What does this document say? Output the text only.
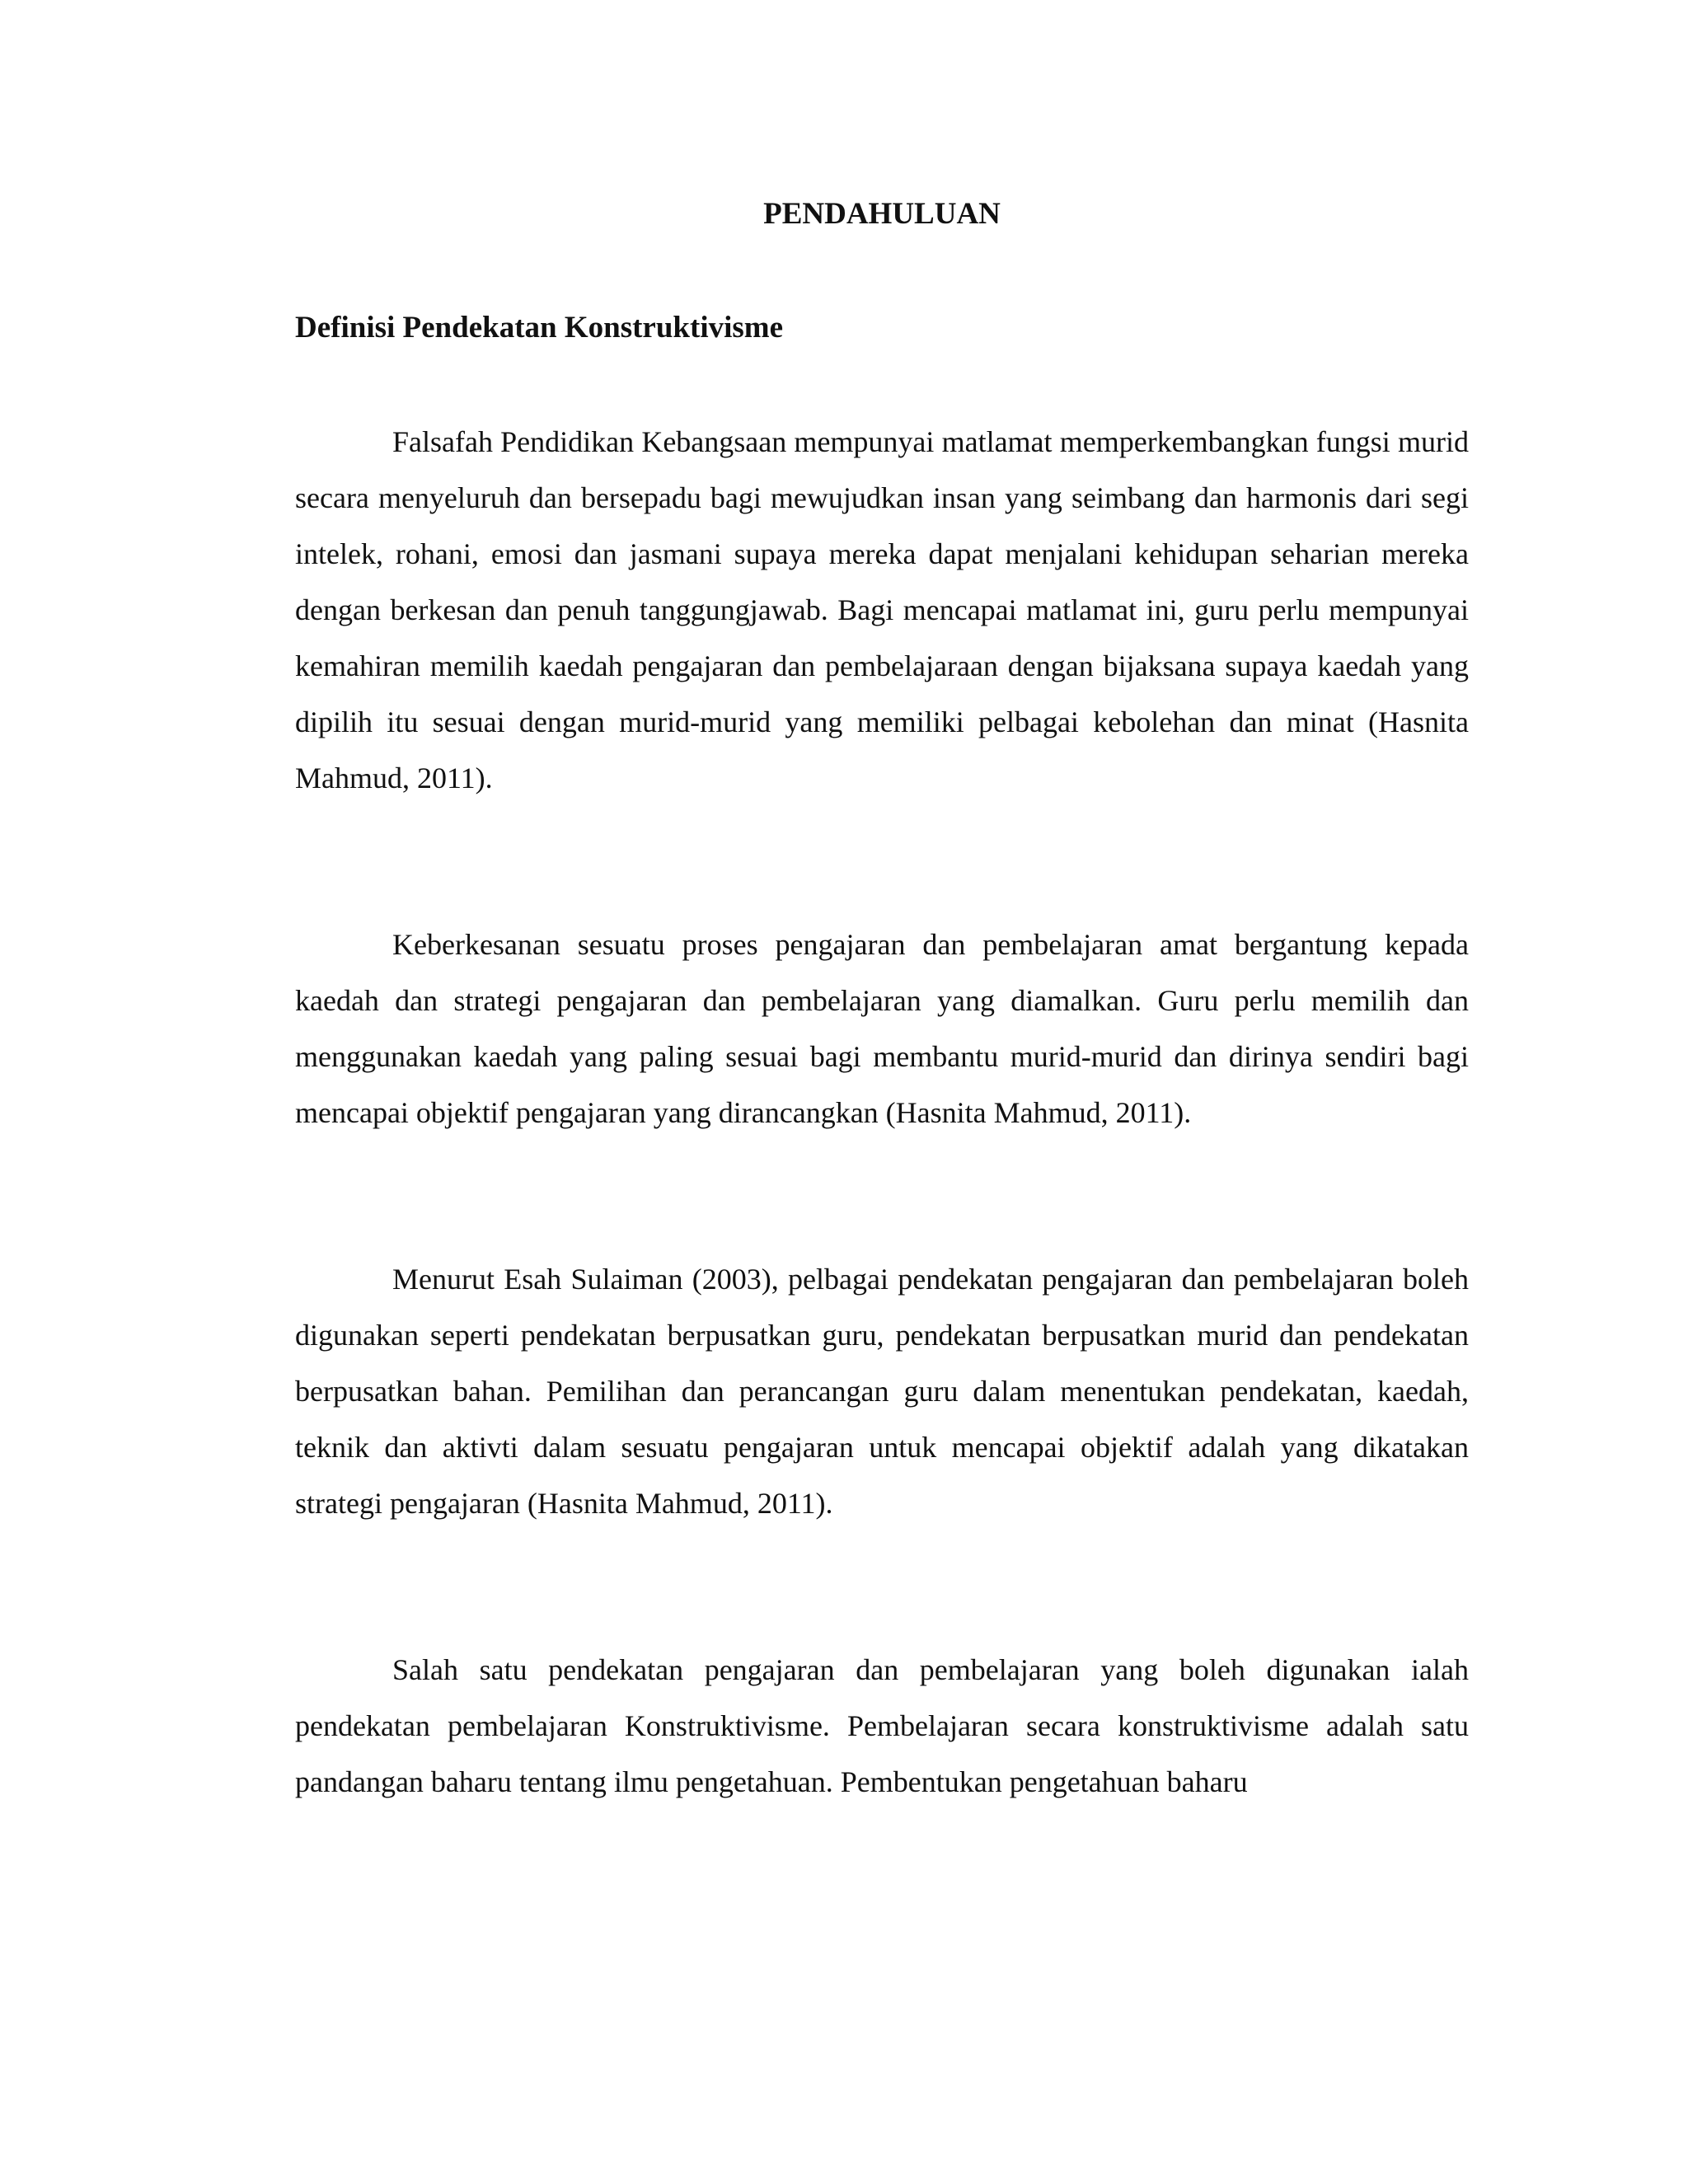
PENDAHULUAN
Definisi Pendekatan Konstruktivisme

Falsafah Pendidikan Kebangsaan mempunyai matlamat memperkembangkan fungsi murid secara menyeluruh dan bersepadu bagi mewujudkan insan yang seimbang dan harmonis dari segi intelek, rohani, emosi dan jasmani supaya mereka dapat menjalani kehidupan seharian mereka dengan berkesan dan penuh tanggungjawab. Bagi mencapai matlamat ini, guru perlu mempunyai kemahiran memilih kaedah pengajaran dan pembelajaraan dengan bijaksana supaya kaedah yang dipilih itu sesuai dengan murid-murid yang memiliki pelbagai kebolehan dan minat (Hasnita Mahmud, 2011).

Keberkesanan sesuatu proses pengajaran dan pembelajaran amat bergantung kepada kaedah dan strategi pengajaran dan pembelajaran yang diamalkan. Guru perlu memilih dan menggunakan kaedah yang paling sesuai bagi membantu murid-murid dan dirinya sendiri bagi mencapai objektif pengajaran yang dirancangkan (Hasnita Mahmud, 2011).

Menurut Esah Sulaiman (2003), pelbagai pendekatan pengajaran dan pembelajaran boleh digunakan seperti pendekatan berpusatkan guru, pendekatan berpusatkan murid dan pendekatan berpusatkan bahan. Pemilihan dan perancangan guru dalam menentukan pendekatan, kaedah, teknik dan aktivti dalam sesuatu pengajaran untuk mencapai objektif adalah yang dikatakan strategi pengajaran (Hasnita Mahmud, 2011).

Salah satu pendekatan pengajaran dan pembelajaran yang boleh digunakan ialah pendekatan pembelajaran Konstruktivisme. Pembelajaran secara konstruktivisme adalah satu pandangan baharu tentang ilmu pengetahuan. Pembentukan pengetahuan baharu
